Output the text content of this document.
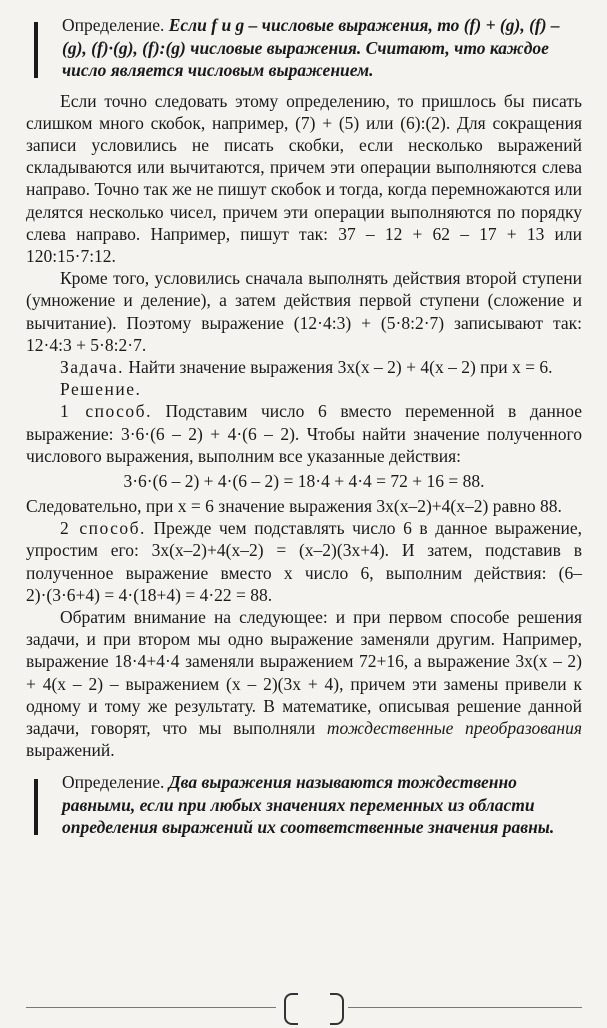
Определение. Если f и g – числовые выражения, то (f) + (g), (f) – (g), (f)·(g), (f):(g) числовые выражения. Считают, что каждое число является числовым выражением.

Если точно следовать этому определению, то пришлось бы писать слишком много скобок, например, (7) + (5) или (6):(2). Для сокращения записи условились не писать скобки, если несколько выражений складываются или вычитаются, причем эти операции выполняются слева направо. Точно так же не пишут скобок и тогда, когда перемножаются или делятся несколько чисел, причем эти операции выполняются по порядку слева направо. Например, пишут так: 37 – 12 + 62 – 17 + 13 или 120:15·7:12.

Кроме того, условились сначала выполнять действия второй ступени (умножение и деление), а затем действия первой ступени (сложение и вычитание). Поэтому выражение (12·4:3) + (5·8:2·7) записывают так: 12·4:3 + 5·8:2·7.

Задача. Найти значение выражения 3x(x – 2) + 4(x – 2) при x = 6.

Решение.

1 способ. Подставим число 6 вместо переменной в данное выражение: 3·6·(6 – 2) + 4·(6 – 2). Чтобы найти значение полученного числового выражения, выполним все указанные действия:

3·6·(6 – 2) + 4·(6 – 2) = 18·4 + 4·4 = 72 + 16 = 88.

Следовательно, при x = 6 значение выражения 3x(x–2)+4(x–2) равно 88.

2 способ. Прежде чем подставлять число 6 в данное выражение, упростим его: 3x(x–2)+4(x–2) = (x–2)(3x+4). И затем, подставив в полученное выражение вместо x число 6, выполним действия: (6–2)·(3·6+4) = 4·(18+4) = 4·22 = 88.

Обратим внимание на следующее: и при первом способе решения задачи, и при втором мы одно выражение заменяли другим. Например, выражение 18·4+4·4 заменяли выражением 72+16, а выражение 3x(x – 2) + 4(x – 2) – выражением (x – 2)(3x + 4), причем эти замены привели к одному и тому же результату. В математике, описывая решение данной задачи, говорят, что мы выполняли тождественные преобразования выражений.

Определение. Два выражения называются тождественно равными, если при любых значениях переменных из области определения выражений их соответственные значения равны.
